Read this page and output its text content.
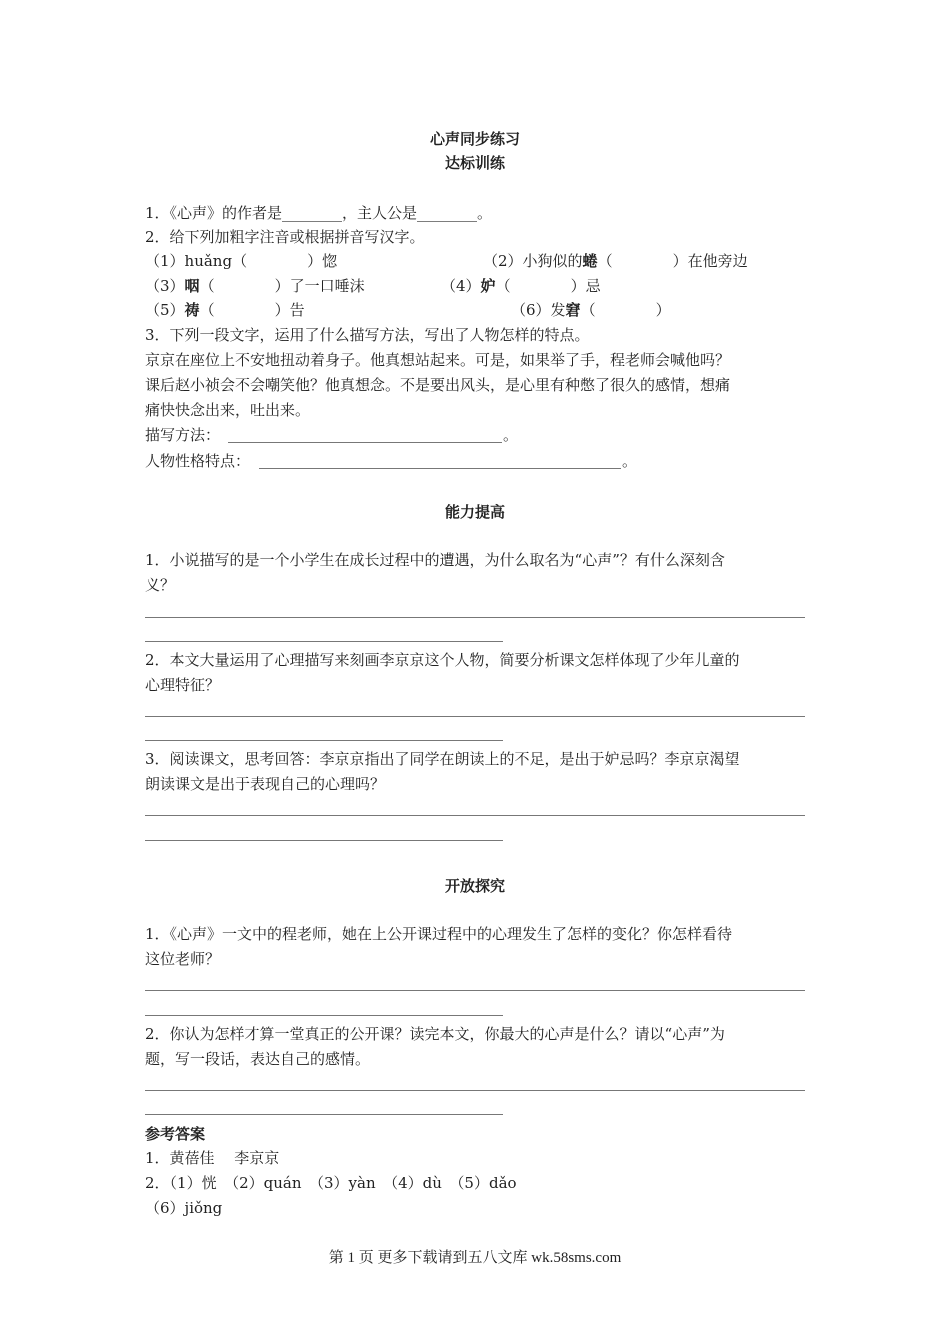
心声同步练习
达标训练
1．《心声》的作者是________，主人公是________。
2．给下列加粗字注音或根据拼音写汉字。
（1）huǎng（　　　　）惚	（2）小狗似的蜷（　　　　）在他旁边
（3）咽（　　　　）了一口唾沫	（4）妒（　　　　）忌
（5）祷（　　　　）告	（6）发窘（　　　　）
3．下列一段文字，运用了什么描写方法，写出了人物怎样的特点。
京京在座位上不安地扭动着身子。他真想站起来。可是，如果举了手，程老师会喊他吗？
课后赵小祯会不会嘲笑他？他真想念。不是要出风头，是心里有种憋了很久的感情，想痛
痛快快念出来，吐出来。
描写方法：	。
人物性格特点：	。
能力提高
1．小说描写的是一个小学生在成长过程中的遭遇，为什么取名为“心声”？有什么深刻含
义？
2．本文大量运用了心理描写来刻画李京京这个人物，简要分析课文怎样体现了少年儿童的
心理特征？
3．阅读课文，思考回答：李京京指出了同学在朗读上的不足，是出于妒忌吗？李京京渴望
朗读课文是出于表现自己的心理吗？
开放探究
1．《心声》一文中的程老师，她在上公开课过程中的心理发生了怎样的变化？你怎样看待
这位老师？
2．你认为怎样才算一堂真正的公开课？读完本文，你最大的心声是什么？请以“心声”为
题，写一段话，表达自己的感情。
参考答案
1．黄蓓佳　 李京京
2．（1）恍　（2）quán　（3）yàn　（4）dù　（5）dǎo
（6）jiǒng
第 1 页 更多下载请到五八文库 wk.58sms.com
